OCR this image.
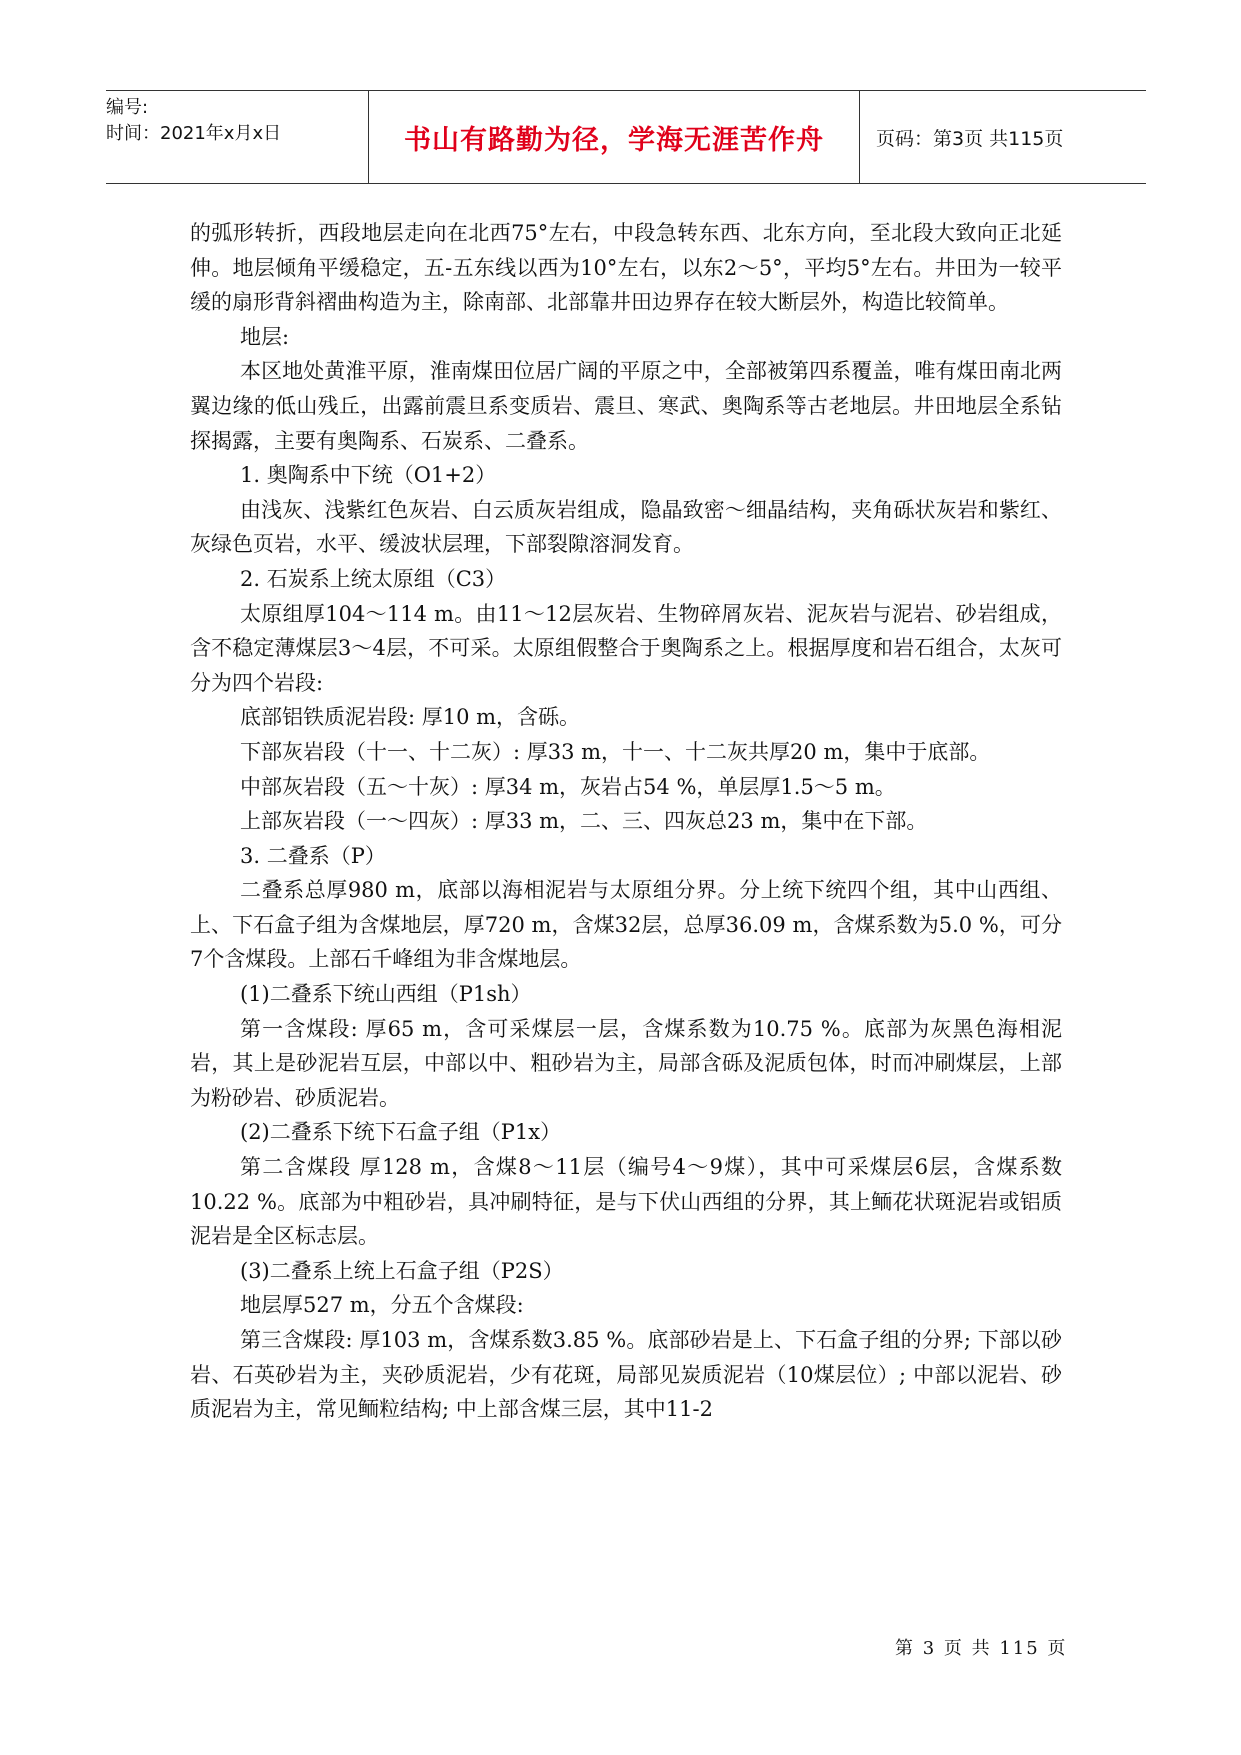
编号:
时间：2021年x月x日	书山有路勤为径，学海无涯苦作舟	页码：第3页 共115页

的弧形转折，西段地层走向在北西75°左右，中段急转东西、北东方向，至北段大致向正北延伸。地层倾角平缓稳定，五-五东线以西为10°左右，以东2～5°，平均5°左右。井田为一较平缓的扇形背斜褶曲构造为主，除南部、北部靠井田边界存在较大断层外，构造比较简单。

地层:

本区地处黄淮平原，淮南煤田位居广阔的平原之中，全部被第四系覆盖，唯有煤田南北两翼边缘的低山残丘，出露前震旦系变质岩、震旦、寒武、奥陶系等古老地层。井田地层全系钻探揭露，主要有奥陶系、石炭系、二叠系。

1. 奥陶系中下统（O1+2）

由浅灰、浅紫红色灰岩、白云质灰岩组成，隐晶致密～细晶结构，夹角砾状灰岩和紫红、灰绿色页岩，水平、缓波状层理，下部裂隙溶洞发育。

2. 石炭系上统太原组（C3）

太原组厚104～114 m。由11～12层灰岩、生物碎屑灰岩、泥灰岩与泥岩、砂岩组成，含不稳定薄煤层3～4层，不可采。太原组假整合于奥陶系之上。根据厚度和岩石组合，太灰可分为四个岩段:

底部铝铁质泥岩段: 厚10 m，含砾。

下部灰岩段（十一、十二灰）: 厚33 m，十一、十二灰共厚20 m，集中于底部。

中部灰岩段（五～十灰）: 厚34 m，灰岩占54 %，单层厚1.5～5 m。

上部灰岩段（一～四灰）: 厚33 m，二、三、四灰总23 m，集中在下部。

3. 二叠系（P）

二叠系总厚980 m，底部以海相泥岩与太原组分界。分上统下统四个组，其中山西组、上、下石盒子组为含煤地层，厚720 m，含煤32层，总厚36.09 m，含煤系数为5.0 %，可分7个含煤段。上部石千峰组为非含煤地层。

(1)二叠系下统山西组（P1sh）

第一含煤段: 厚65 m，含可采煤层一层，含煤系数为10.75 %。底部为灰黑色海相泥岩，其上是砂泥岩互层，中部以中、粗砂岩为主，局部含砾及泥质包体，时而冲刷煤层，上部为粉砂岩、砂质泥岩。

(2)二叠系下统下石盒子组（P1x）

第二含煤段 厚128 m，含煤8～11层（编号4～9煤），其中可采煤层6层，含煤系数10.22 %。底部为中粗砂岩，具冲刷特征，是与下伏山西组的分界，其上鲕花状斑泥岩或铝质泥岩是全区标志层。

(3)二叠系上统上石盒子组（P2S）

地层厚527 m，分五个含煤段:

第三含煤段: 厚103 m，含煤系数3.85 %。底部砂岩是上、下石盒子组的分界; 下部以砂岩、石英砂岩为主，夹砂质泥岩，少有花斑，局部见炭质泥岩（10煤层位）; 中部以泥岩、砂质泥岩为主，常见鲕粒结构; 中上部含煤三层，其中11-2

第 3 页 共 115 页
